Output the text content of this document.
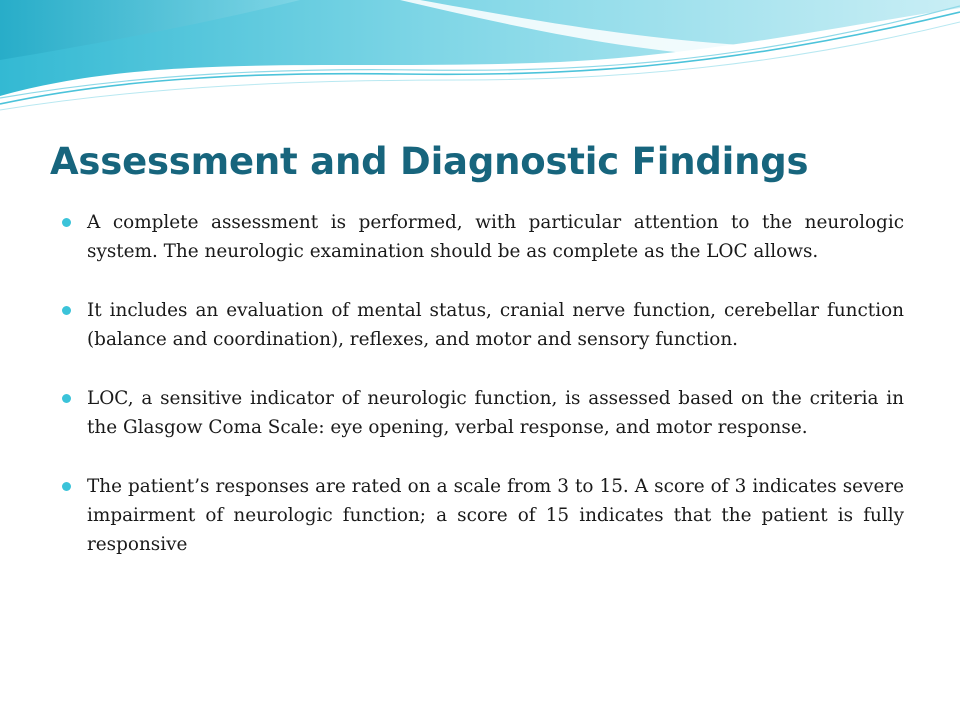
Assessment and Diagnostic Findings
A complete assessment is performed, with particular attention to the neurologic system. The neurologic examination should be as complete as the LOC allows.
It includes an evaluation of mental status, cranial nerve function, cerebellar function (balance and coordination), reflexes, and motor and sensory function.
LOC, a sensitive indicator of neurologic function, is assessed based on the criteria in the Glasgow Coma Scale: eye opening, verbal response, and motor response.
The patient’s responses are rated on a scale from 3 to 15. A score of 3 indicates severe impairment of neurologic function; a score of 15 indicates that the patient is fully responsive
